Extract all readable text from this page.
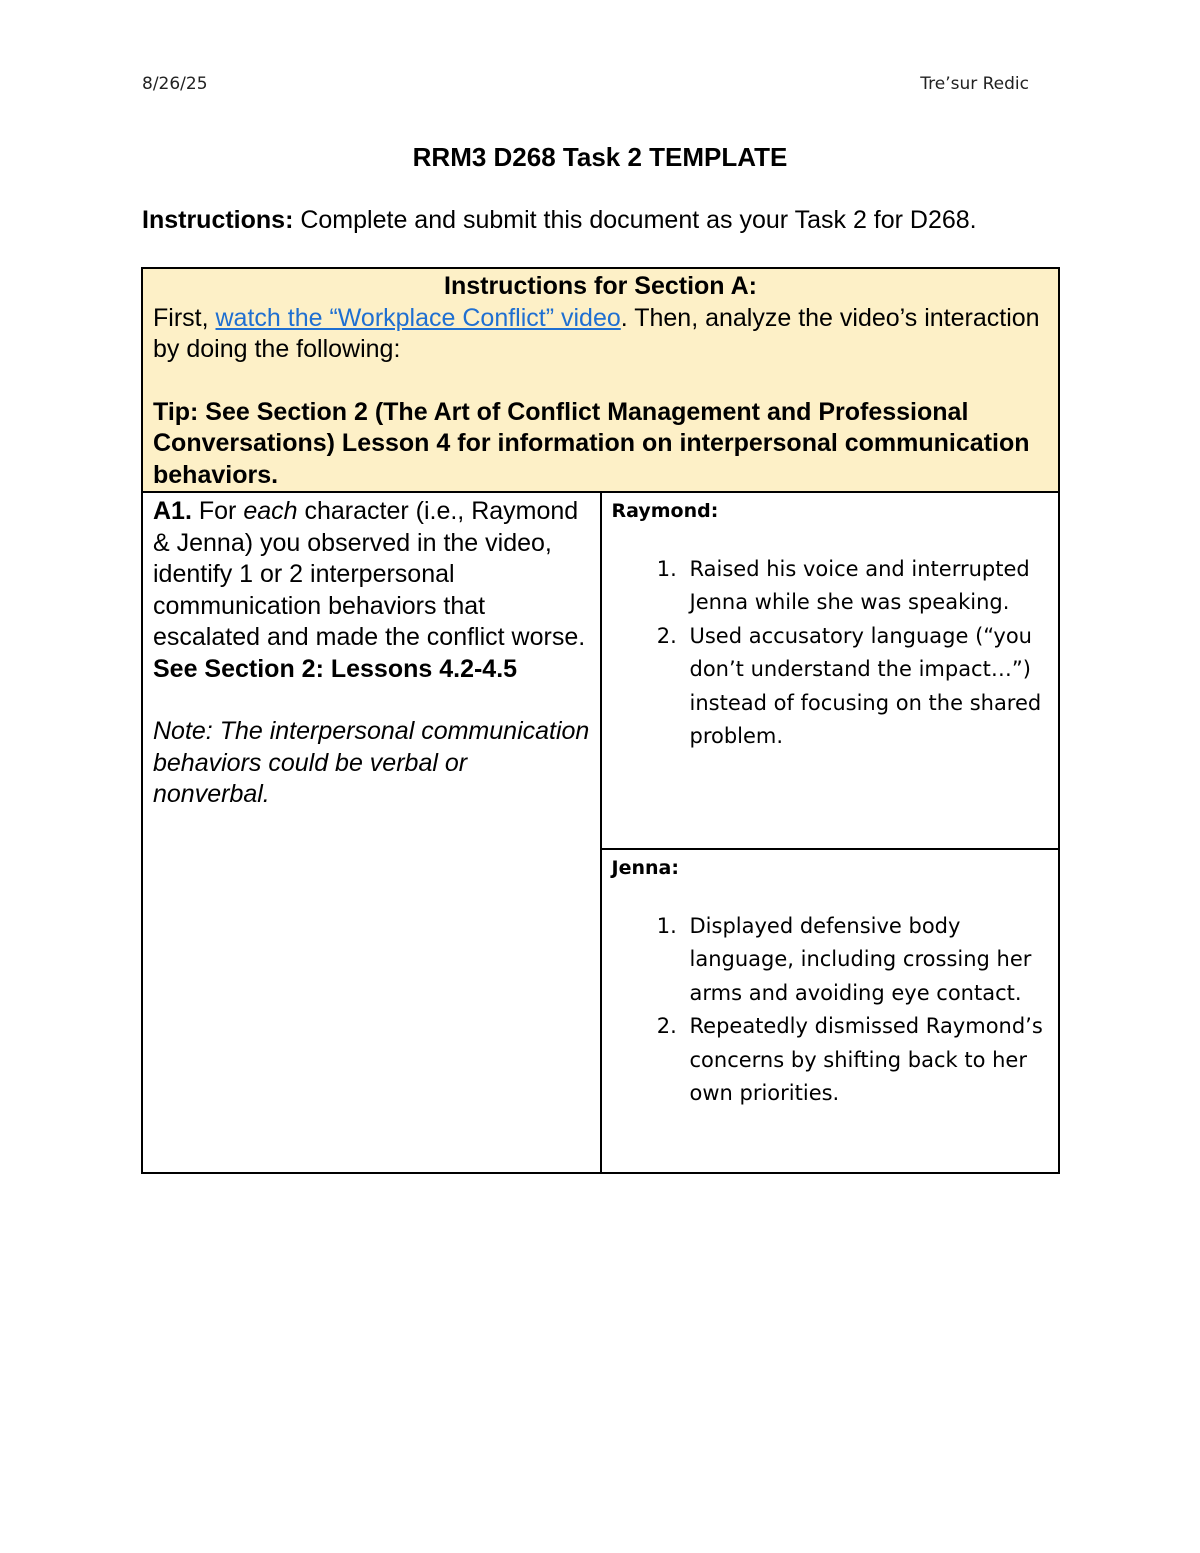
8/26/25	Tre’sur Redic
RRM3 D268 Task 2 TEMPLATE
Instructions: Complete and submit this document as your Task 2 for D268.
Instructions for Section A:
First, watch the “Workplace Conflict” video. Then, analyze the video’s interaction by doing the following:
Tip: See Section 2 (The Art of Conflict Management and Professional Conversations) Lesson 4 for information on interpersonal communication behaviors.

A1. For each character (i.e., Raymond & Jenna) you observed in the video, identify 1 or 2 interpersonal communication behaviors that escalated and made the conflict worse. See Section 2: Lessons 4.2-4.5
Note: The interpersonal communication behaviors could be verbal or nonverbal.

Raymond:
1. Raised his voice and interrupted Jenna while she was speaking.
2. Used accusatory language (“you don’t understand the impact…”) instead of focusing on the shared problem.

Jenna:
1. Displayed defensive body language, including crossing her arms and avoiding eye contact.
2. Repeatedly dismissed Raymond’s concerns by shifting back to her own priorities.
